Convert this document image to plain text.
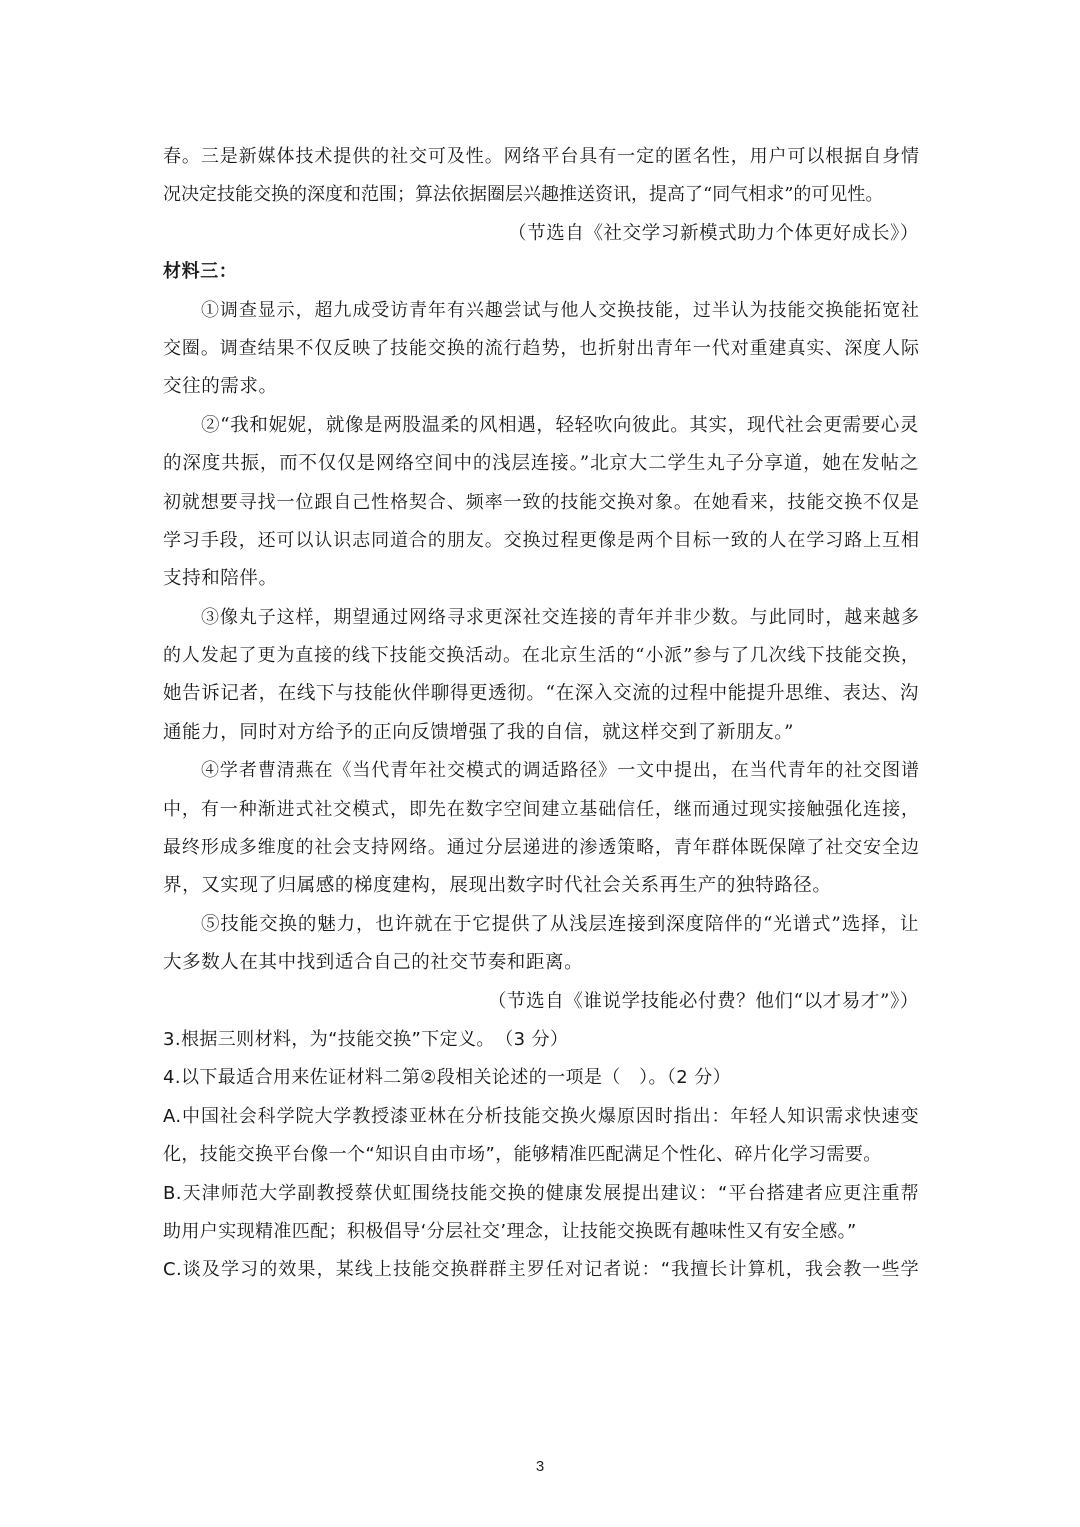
春。三是新媒体技术提供的社交可及性。网络平台具有一定的匿名性，用户可以根据自身情
况决定技能交换的深度和范围；算法依据圈层兴趣推送资讯，提高了“同气相求”的可见性。
（节选自《社交学习新模式助力个体更好成长》）
材料三：
①调查显示，超九成受访青年有兴趣尝试与他人交换技能，过半认为技能交换能拓宽社
交圈。调查结果不仅反映了技能交换的流行趋势，也折射出青年一代对重建真实、深度人际
交往的需求。
②“我和妮妮，就像是两股温柔的风相遇，轻轻吹向彼此。其实，现代社会更需要心灵
的深度共振，而不仅仅是网络空间中的浅层连接。”北京大二学生丸子分享道，她在发帖之
初就想要寻找一位跟自己性格契合、频率一致的技能交换对象。在她看来，技能交换不仅是
学习手段，还可以认识志同道合的朋友。交换过程更像是两个目标一致的人在学习路上互相
支持和陪伴。
③像丸子这样，期望通过网络寻求更深社交连接的青年并非少数。与此同时，越来越多
的人发起了更为直接的线下技能交换活动。在北京生活的“小派”参与了几次线下技能交换，
她告诉记者，在线下与技能伙伴聊得更透彻。“在深入交流的过程中能提升思维、表达、沟
通能力，同时对方给予的正向反馈增强了我的自信，就这样交到了新朋友。”
④学者曹清燕在《当代青年社交模式的调适路径》一文中提出，在当代青年的社交图谱
中，有一种渐进式社交模式，即先在数字空间建立基础信任，继而通过现实接触强化连接，
最终形成多维度的社会支持网络。通过分层递进的渗透策略，青年群体既保障了社交安全边
界，又实现了归属感的梯度建构，展现出数字时代社会关系再生产的独特路径。
⑤技能交换的魅力，也许就在于它提供了从浅层连接到深度陪伴的“光谱式”选择，让
大多数人在其中找到适合自己的社交节奏和距离。
（节选自《谁说学技能必付费？他们“以才易才”》）
3.根据三则材料，为“技能交换”下定义。　（3 分）
4.以下最适合用来佐证材料二第②段相关论述的一项是（　）。（2 分）
A.中国社会科学院大学教授漆亚林在分析技能交换火爆原因时指出：年轻人知识需求快速变
化，技能交换平台像一个“知识自由市场”，能够精准匹配满足个性化、碎片化学习需要。
B.天津师范大学副教授蔡伏虹围绕技能交换的健康发展提出建议：“平台搭建者应更注重帮
助用户实现精准匹配；积极倡导‘分层社交’理念，让技能交换既有趣味性又有安全感。”
C.谈及学习的效果，某线上技能交换群群主罗任对记者说：“我擅长计算机，我会教一些学
3
